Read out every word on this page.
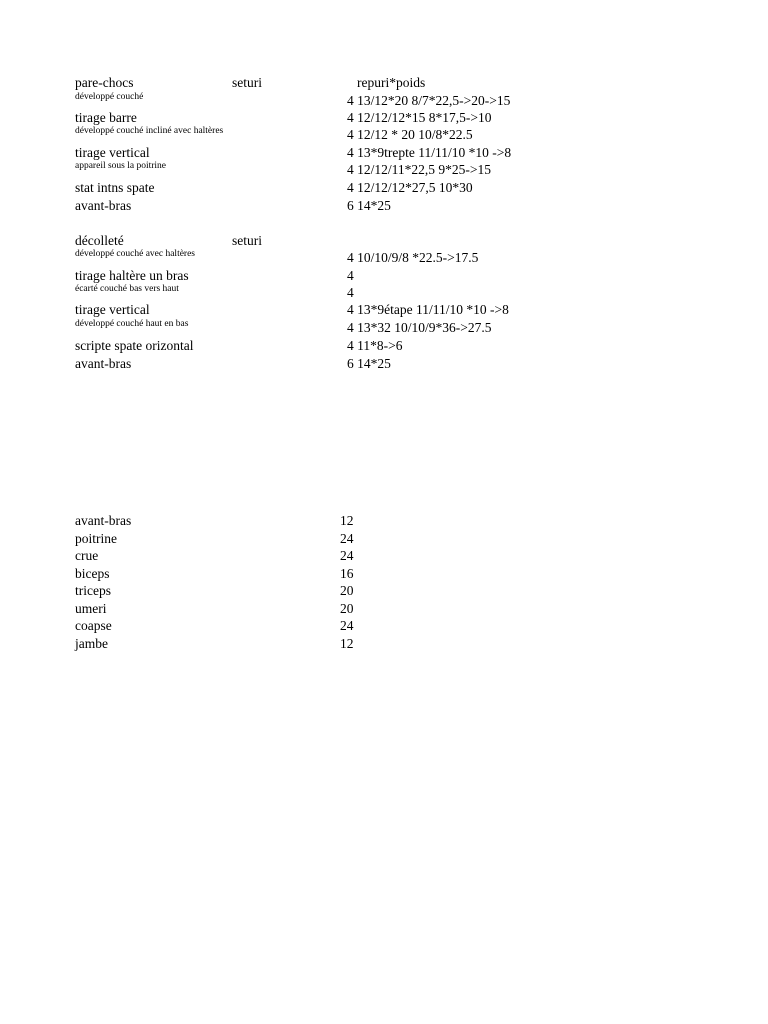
pare-chocs	seturi	repuri*poids
développé couché	4 13/12*20 8/7*22,5->20->15
tirage barre	4 12/12/12*15 8*17,5->10
développé couché incliné avec haltères	4 12/12 * 20 10/8*22.5
tirage vertical	4 13*9trepte 11/11/10 *10 ->8
appareil sous la poitrine	4 12/12/11*22,5 9*25->15
stat intns spate	4 12/12/12*27,5 10*30
avant-bras	6 14*25
décolleté	seturi
développé couché avec haltères	4 10/10/9/8 *22.5->17.5
tirage haltère un bras	4
écarté couché bas vers haut	4
tirage vertical	4 13*9étape 11/11/10 *10 ->8
développé couché haut en bas	4 13*32 10/10/9*36->27.5
scripte spate orizontal	4 11*8->6
avant-bras	6 14*25
avant-bras	12
poitrine	24
crue	24
biceps	16
triceps	20
umeri	20
coapse	24
jambe	12
